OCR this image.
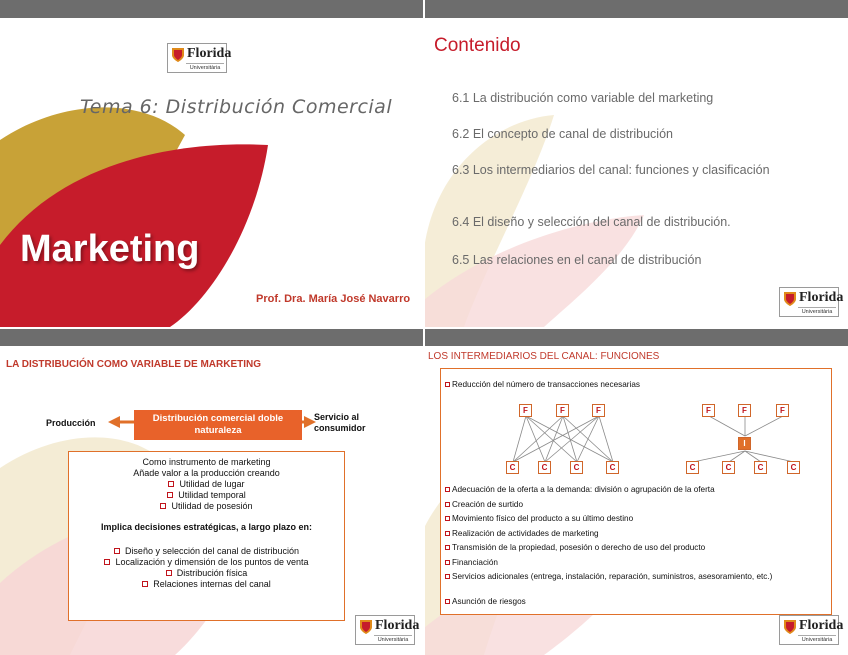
Florida
Universitària
Tema 6: Distribución Comercial
Marketing
Prof. Dra. María José Navarro
Contenido
6.1 La distribución como variable del marketing
6.2 El concepto de canal de distribución
6.3 Los intermediarios del canal: funciones y clasificación
6.4 El diseño y selección del canal de distribución.
6.5 Las relaciones en el canal de distribución
Florida
Universitària
LA DISTRIBUCIÓN COMO VARIABLE DE MARKETING
Producción	Distribución comercial doble naturaleza
Servicio al consumidor
Como instrumento de marketing
Añade valor a la producción creando
Utilidad de lugar
Utilidad temporal
Utilidad de posesión
Implica decisiones estratégicas, a largo plazo en:
Diseño y selección del canal de distribución
Localización y dimensión de los puntos de venta
Distribución física
Relaciones internas del canal
Florida
Universitària
LOS INTERMEDIARIOS DEL CANAL: FUNCIONES
Reducción del número de transacciones necesarias
F	F	F
C	C	C	C
F	F	F
C	C	C	C
I
Adecuación de la oferta a la demanda: división o agrupación de la oferta
Creación de surtido
Movimiento físico del producto a su último destino
Realización de actividades de marketing
Transmisión de la propiedad, posesión o derecho de uso del producto
Financiación
Servicios adicionales (entrega, instalación, reparación, suministros, asesoramiento, etc.)
Asunción de riesgos
Florida
Universitària
